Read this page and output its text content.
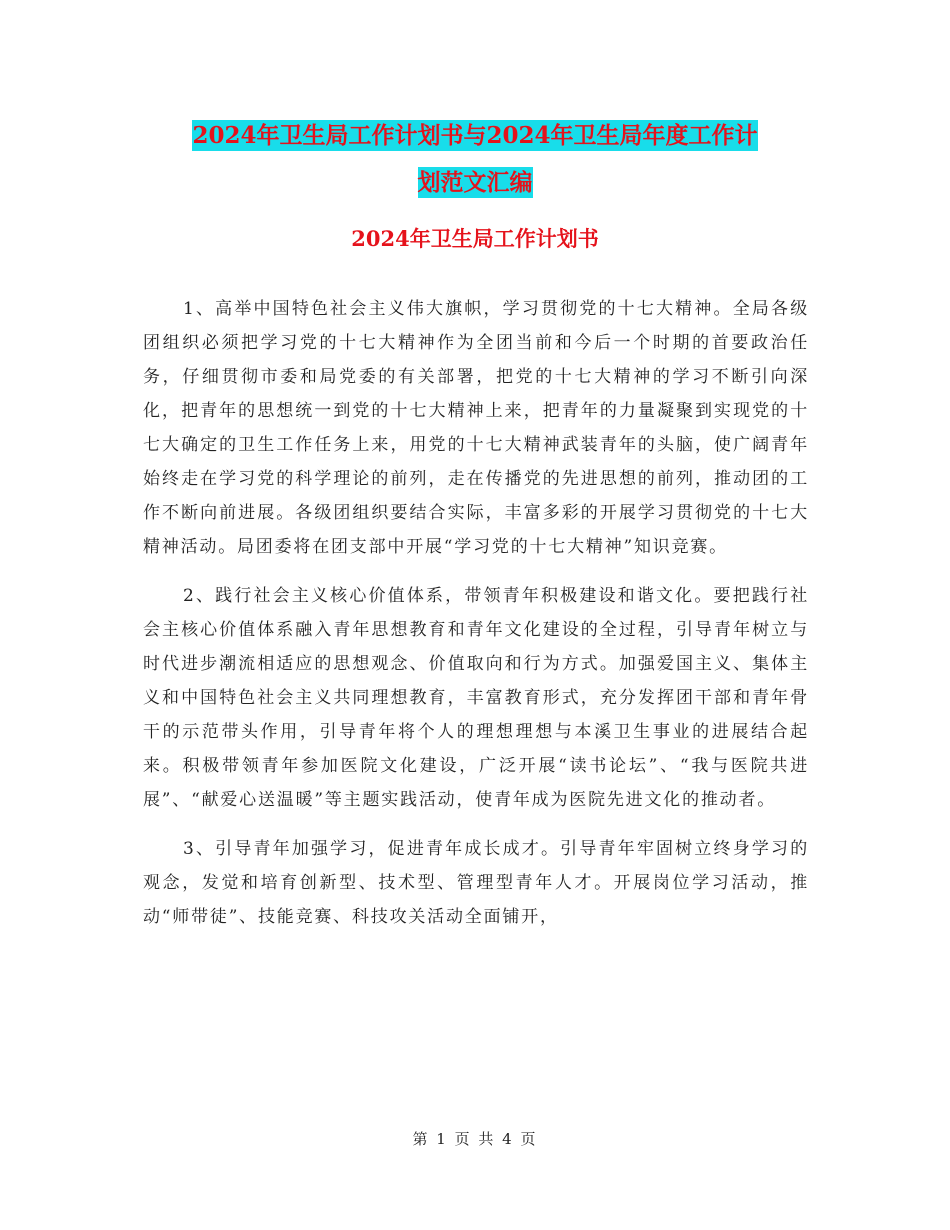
2024年卫生局工作计划书与2024年卫生局年度工作计
划范文汇编
2024年卫生局工作计划书

1、高举中国特色社会主义伟大旗帜，学习贯彻党的十七大精神。全局各级团组织必须把学习党的十七大精神作为全团当前和今后一个时期的首要政治任务，仔细贯彻市委和局党委的有关部署，把党的十七大精神的学习不断引向深化，把青年的思想统一到党的十七大精神上来，把青年的力量凝聚到实现党的十七大确定的卫生工作任务上来，用党的十七大精神武装青年的头脑，使广阔青年始终走在学习党的科学理论的前列，走在传播党的先进思想的前列，推动团的工作不断向前进展。各级团组织要结合实际，丰富多彩的开展学习贯彻党的十七大精神活动。局团委将在团支部中开展“学习党的十七大精神”知识竞赛。

2、践行社会主义核心价值体系，带领青年积极建设和谐文化。要把践行社会主核心价值体系融入青年思想教育和青年文化建设的全过程，引导青年树立与时代进步潮流相适应的思想观念、价值取向和行为方式。加强爱国主义、集体主义和中国特色社会主义共同理想教育，丰富教育形式，充分发挥团干部和青年骨干的示范带头作用，引导青年将个人的理想理想与本溪卫生事业的进展结合起来。积极带领青年参加医院文化建设，广泛开展“读书论坛”、“我与医院共进展”、“献爱心送温暖”等主题实践活动，使青年成为医院先进文化的推动者。

3、引导青年加强学习，促进青年成长成才。引导青年牢固树立终身学习的观念，发觉和培育创新型、技术型、管理型青年人才。开展岗位学习活动，推动“师带徒”、技能竞赛、科技攻关活动全面铺开，

第 1 页 共 4 页
